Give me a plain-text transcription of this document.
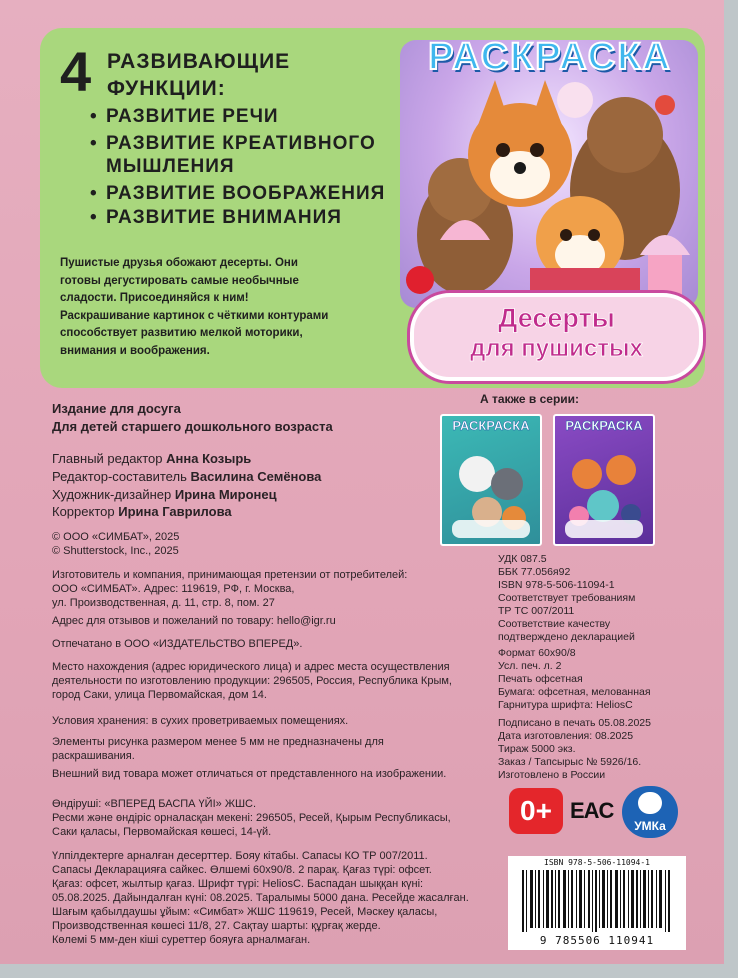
4 РАЗВИВАЮЩИЕ
ФУНКЦИИ:
• РАЗВИТИЕ РЕЧИ
• РАЗВИТИЕ КРЕАТИВНОГО
МЫШЛЕНИЯ
• РАЗВИТИЕ ВООБРАЖЕНИЯ
• РАЗВИТИЕ ВНИМАНИЯ
Пушистые друзья обожают десерты. Они
готовы дегустировать самые необычные
сладости. Присоединяйся к ним!
Раскрашивание картинок с чёткими контурами
способствует развитию мелкой моторики,
внимания и воображения.
РАСКРАСКА
Десерты
для пушистых
А также в серии:
РАСКРАСКА	РАСКРАСКА
Издание для досуга
Для детей старшего дошкольного возраста
Главный редактор Анна Козырь
Редактор-составитель Василина Семёнова
Художник-дизайнер Ирина Миронец
Корректор Ирина Гаврилова
© ООО «СИМБАТ», 2025
© Shutterstock, Inc., 2025
Изготовитель и компания, принимающая претензии от потребителей:
ООО «СИМБАТ». Адрес: 119619, РФ, г. Москва,
ул. Производственная, д. 11, стр. 8, пом. 27
Адрес для отзывов и пожеланий по товару: hello@igr.ru
Отпечатано в ООО «ИЗДАТЕЛЬСТВО ВПЕРЕД».
Место нахождения (адрес юридического лица) и адрес места осуществления
деятельности по изготовлению продукции: 296505, Россия, Республика Крым,
город Саки, улица Первомайская, дом 14.
Условия хранения: в сухих проветриваемых помещениях.
Элементы рисунка размером менее 5 мм не предназначены для
раскрашивания.
Внешний вид товара может отличаться от представленного на изображении.
Өндіруші: «ВПЕРЕД БАСПА ҮЙІ» ЖШС.
Ресми және өндіріс орналасқан мекені: 296505, Ресей, Қырым Республикасы,
Саки қаласы, Первомайская көшесі, 14-үй.
Үлпілдектерге арналған десерттер. Бояу кітабы. Сапасы КО ТР 007/2011.
Сапасы Декларацияға сайкес. Өлшемі 60х90/8. 2 парақ. Қағаз түрі: офсет.
Қағаз: офсет, жылтыр қағаз. Шрифт түрі: HeliosC. Баспадан шыққан күні:
05.08.2025. Дайындалған күні: 08.2025. Таралымы 5000 дана. Ресейде жасалған.
Шағым қабылдаушы ұйым: «Симбат» ЖШС 119619, Ресей, Мәскеу қаласы,
Производственная көшесі 11/8, 27. Сақтау шарты: құрғақ жерде.
Көлемі 5 мм-ден кіші суреттер бояуға арналмаған.
УДК 087.5
ББК 77.056я92
ISBN 978-5-506-11094-1
Соответствует требованиям
ТР ТС 007/2011
Соответствие качеству
подтверждено декларацией
Формат 60х90/8
Усл. печ. л. 2
Печать офсетная
Бумага: офсетная, мелованная
Гарнитура шрифта: HeliosC
Подписано в печать 05.08.2025
Дата изготовления: 08.2025
Тираж 5000 экз.
Заказ / Тапсырыс № 5926/16.
Изготовлено в России
0+ EAC
УМКа
ISBN 978-5-506-11094-1
9 785506 110941
